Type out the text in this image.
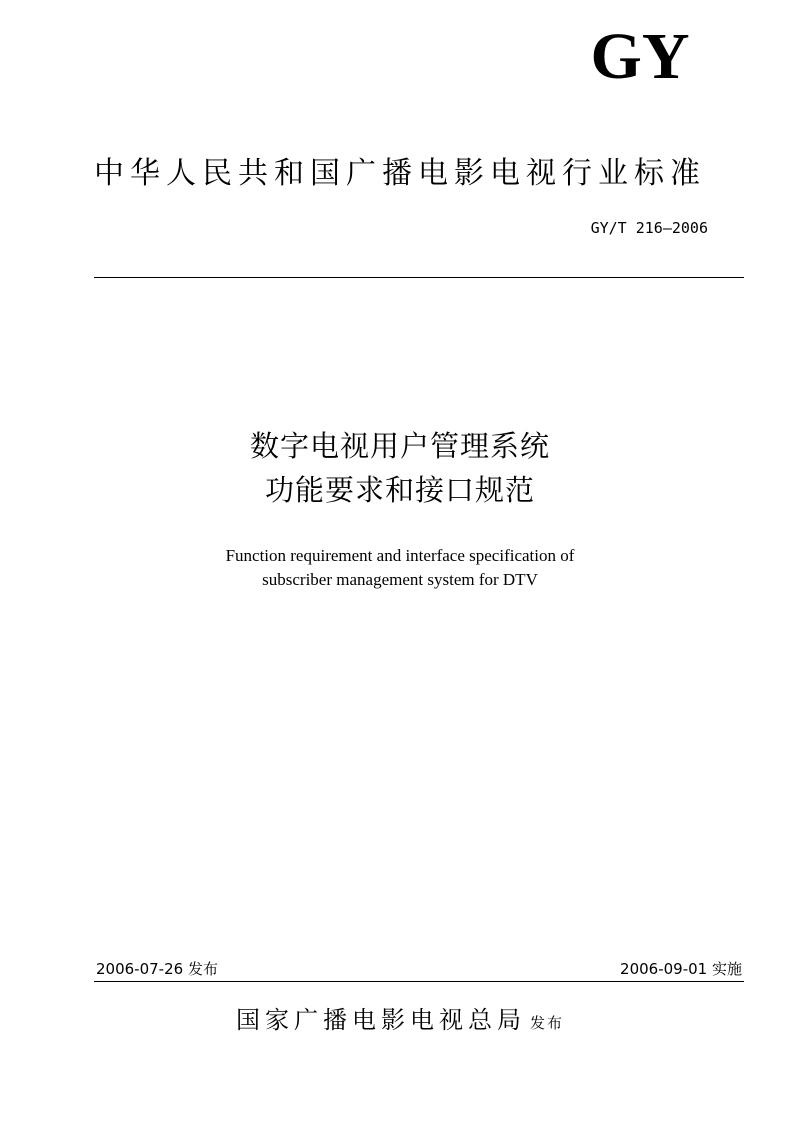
GY
中华人民共和国广播电影电视行业标准
GY/T 216—2006
数字电视用户管理系统
功能要求和接口规范
Function requirement and interface specification of
subscriber management system for DTV
2006-07-26 发布	2006-09-01 实施
国家广播电影电视总局 发布
